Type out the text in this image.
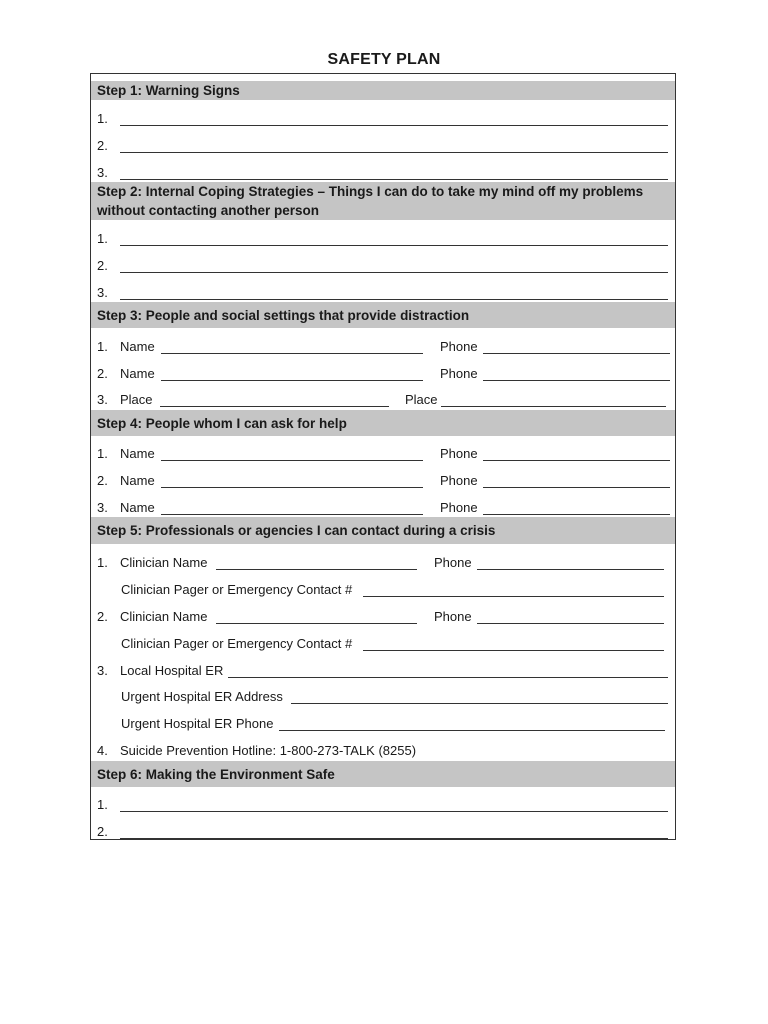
SAFETY PLAN
Step 1: Warning Signs
1.
2.
3.
Step 2: Internal Coping Strategies – Things I can do to take my mind off my problems without contacting another person
1.
2.
3.
Step 3: People and social settings that provide distraction
1. Name	Phone
2. Name	Phone
3. Place	Place
Step 4: People whom I can ask for help
1. Name	Phone
2. Name	Phone
3. Name	Phone
Step 5: Professionals or agencies I can contact during a crisis
1. Clinician Name	Phone
Clinician Pager or Emergency Contact #
2. Clinician Name	Phone
Clinician Pager or Emergency Contact #
3. Local Hospital ER
Urgent Hospital ER Address
Urgent Hospital ER Phone
4. Suicide Prevention Hotline: 1-800-273-TALK (8255)
Step 6: Making the Environment Safe
1.
2.
